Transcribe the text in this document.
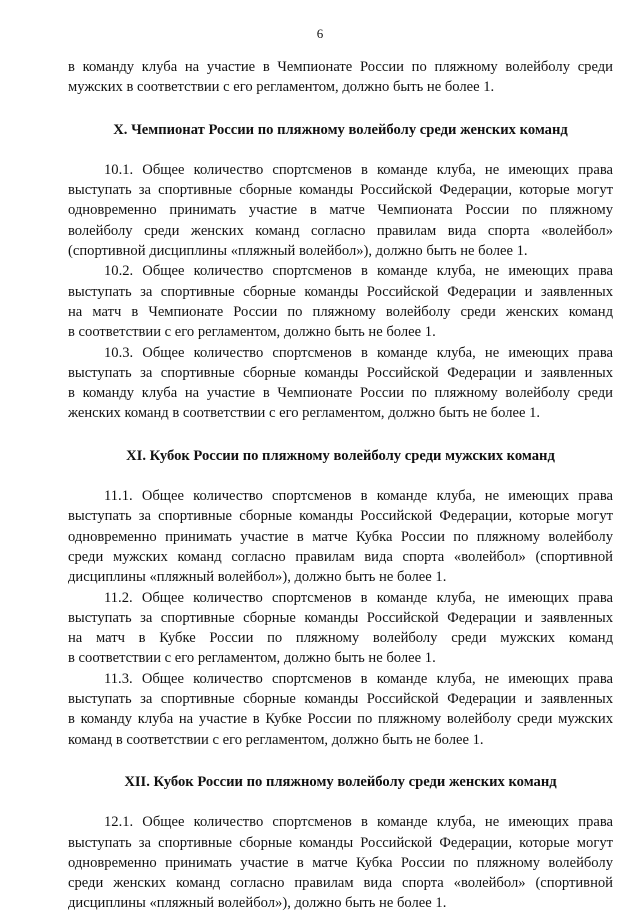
6
в команду клуба на участие в Чемпионате России по пляжному волейболу среди
мужских в соответствии с его регламентом, должно быть не более 1.
X. Чемпионат России по пляжному волейболу среди женских команд
10.1. Общее количество спортсменов в команде клуба, не имеющих права
выступать за спортивные сборные команды Российской Федерации, которые могут
одновременно принимать участие в матче Чемпионата России по пляжному
волейболу среди женских команд согласно правилам вида спорта «волейбол»
(спортивной дисциплины «пляжный волейбол»), должно быть не более 1.
10.2. Общее количество спортсменов в команде клуба, не имеющих права
выступать за спортивные сборные команды Российской Федерации и заявленных
на матч в Чемпионате России по пляжному волейболу среди женских команд
в соответствии с его регламентом, должно быть не более 1.
10.3. Общее количество спортсменов в команде клуба, не имеющих права
выступать за спортивные сборные команды Российской Федерации и заявленных
в команду клуба на участие в Чемпионате России по пляжному волейболу среди
женских команд в соответствии с его регламентом, должно быть не более 1.
XI. Кубок России по пляжному волейболу среди мужских команд
11.1. Общее количество спортсменов в команде клуба, не имеющих права
выступать за спортивные сборные команды Российской Федерации, которые могут
одновременно принимать участие в матче Кубка России по пляжному волейболу
среди мужских команд согласно правилам вида спорта «волейбол» (спортивной
дисциплины «пляжный волейбол»), должно быть не более 1.
11.2. Общее количество спортсменов в команде клуба, не имеющих права
выступать за спортивные сборные команды Российской Федерации и заявленных
на матч в Кубке России по пляжному волейболу среди мужских команд
в соответствии с его регламентом, должно быть не более 1.
11.3. Общее количество спортсменов в команде клуба, не имеющих права
выступать за спортивные сборные команды Российской Федерации и заявленных
в команду клуба на участие в Кубке России по пляжному волейболу среди мужских
команд в соответствии с его регламентом, должно быть не более 1.
XII. Кубок России по пляжному волейболу среди женских команд
12.1. Общее количество спортсменов в команде клуба, не имеющих права
выступать за спортивные сборные команды Российской Федерации, которые могут
одновременно принимать участие в матче Кубка России по пляжному волейболу
среди женских команд согласно правилам вида спорта «волейбол» (спортивной
дисциплины «пляжный волейбол»), должно быть не более 1.
